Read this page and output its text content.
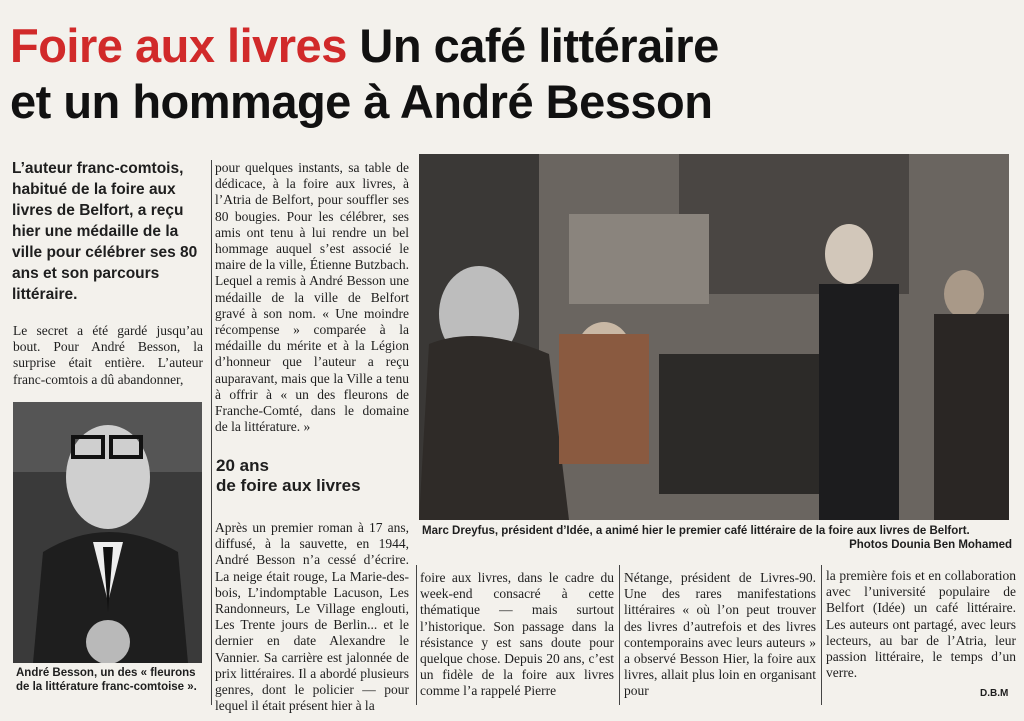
Foire aux livres Un café littéraire
et un hommage à André Besson
L’auteur franc-comtois, habitué de la foire aux livres de Belfort, a reçu hier une médaille de la ville pour célébrer ses 80 ans et son parcours littéraire.

Le secret a été gardé jusqu’au bout. Pour André Besson, la surprise était entière. L’auteur franc-comtois a dû abandonner,

André Besson, un des « fleurons de la littérature franc-comtoise ».

pour quelques instants, sa table de dédicace, à la foire aux livres, à l’Atria de Belfort, pour souffler ses 80 bougies. Pour les célébrer, ses amis ont tenu à lui rendre un bel hommage auquel s’est associé le maire de la ville, Étienne Butzbach. Lequel a remis à André Besson une médaille de la ville de Belfort gravé à son nom. « Une moindre récompense » comparée à la médaille du mérite et à la Légion d’honneur que l’auteur a reçu auparavant, mais que la Ville a tenu à offrir à « un des fleurons de Franche-Comté, dans le domaine de la littérature. »

20 ans
de foire aux livres

Après un premier roman à 17 ans, diffusé, à la sauvette, en 1944, André Besson n’a cessé d’écrire. La neige était rouge, La Marie-des-bois, L’indomptable Lacuson, Les Randonneurs, Le Village englouti, Les Trente jours de Berlin... et le dernier en date Alexandre le Vannier. Sa carrière est jalonnée de prix littéraires. Il a abordé plusieurs genres, dont le policier — pour lequel il était présent hier à la

Marc Dreyfus, président d’Idée, a animé hier le premier café littéraire de la foire aux livres de Belfort.
Photos Dounia Ben Mohamed

foire aux livres, dans le cadre du week-end consacré à cette thématique — mais surtout l’historique. Son passage dans la résistance y est sans doute pour quelque chose. Depuis 20 ans, c’est un fidèle de la foire aux livres comme l’a rappelé Pierre

Nétange, président de Livres-90. Une des rares manifestations littéraires « où l’on peut trouver des livres d’autrefois et des livres contemporains avec leurs auteurs » a observé Besson Hier, la foire aux livres, allait plus loin en organisant pour

la première fois et en collaboration avec l’université populaire de Belfort (Idée) un café littéraire. Les auteurs ont partagé, avec leurs lecteurs, au bar de l’Atria, leur passion littéraire, le temps d’un verre.

D.B.M
